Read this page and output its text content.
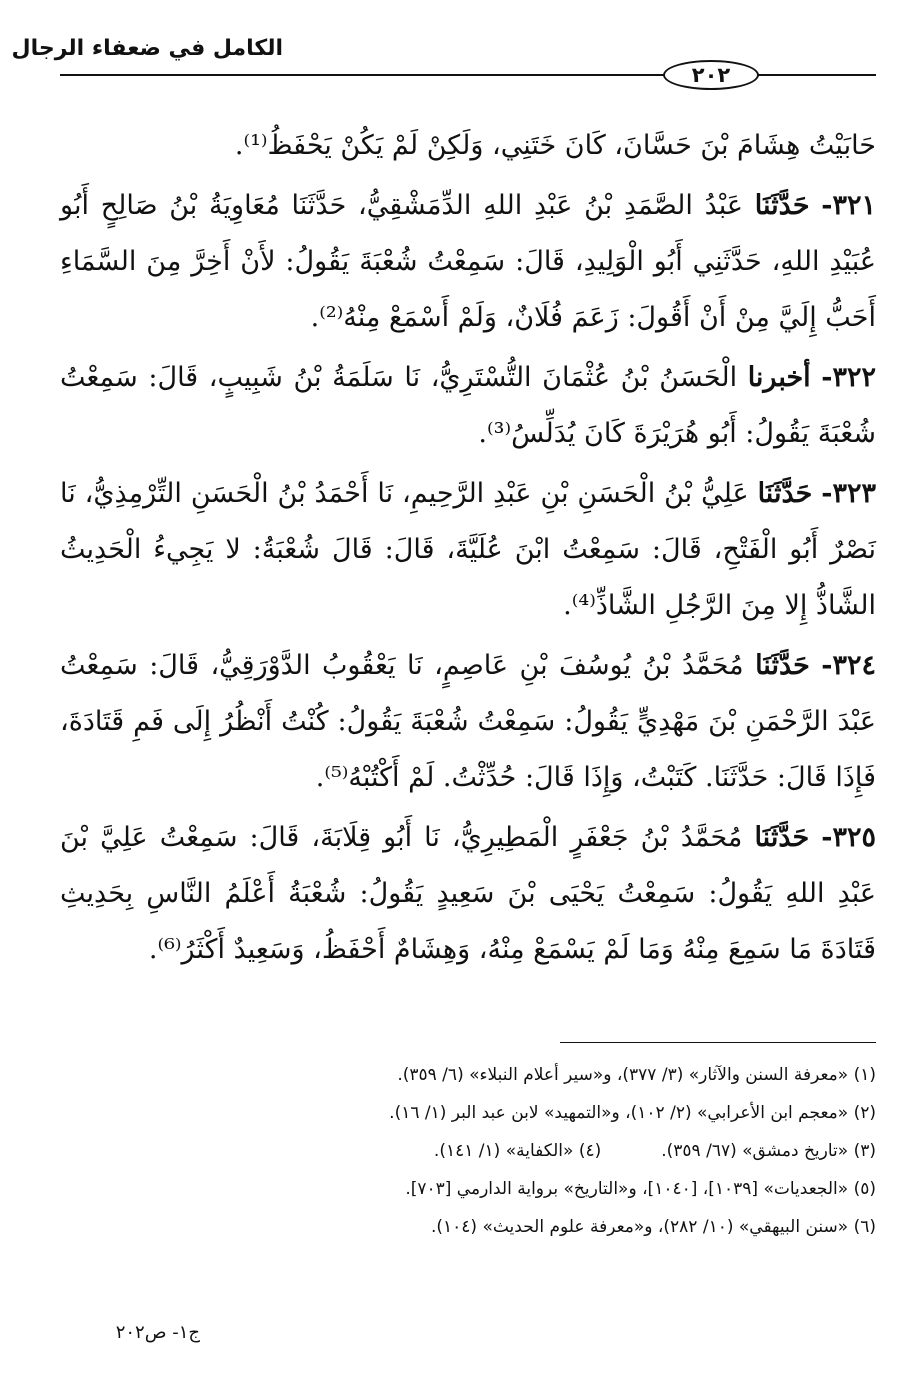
الكامل في ضعفاء الرجال
٢٠٢

حَابَيْتُ هِشَامَ بْنَ حَسَّانَ، كَانَ خَتَنِي، وَلَكِنْ لَمْ يَكُنْ يَحْفَظُ⁽¹⁾.

٣٢١- حَدَّثَنَا عَبْدُ الصَّمَدِ بْنُ عَبْدِ اللهِ الدِّمَشْقِيُّ، حَدَّثَنَا مُعَاوِيَةُ بْنُ صَالِحٍ أَبُو عُبَيْدِ اللهِ، حَدَّثَنِي أَبُو الْوَلِيدِ، قَالَ: سَمِعْتُ شُعْبَةَ يَقُولُ: لأَنْ أَخِرَّ مِنَ السَّمَاءِ أَحَبُّ إِلَيَّ مِنْ أَنْ أَقُولَ: زَعَمَ فُلَانٌ، وَلَمْ أَسْمَعْ مِنْهُ⁽²⁾.

٣٢٢- أخبرنا الْحَسَنُ بْنُ عُثْمَانَ التُّسْتَرِيُّ، نَا سَلَمَةُ بْنُ شَبِيبٍ، قَالَ: سَمِعْتُ شُعْبَةَ يَقُولُ: أَبُو هُرَيْرَةَ كَانَ يُدَلِّسُ⁽³⁾.

٣٢٣- حَدَّثَنَا عَلِيُّ بْنُ الْحَسَنِ بْنِ عَبْدِ الرَّحِيمِ، نَا أَحْمَدُ بْنُ الْحَسَنِ التِّرْمِذِيُّ، نَا نَصْرٌ أَبُو الْفَتْحِ، قَالَ: سَمِعْتُ ابْنَ عُلَيَّةَ، قَالَ: قَالَ شُعْبَةُ: لا يَجِيءُ الْحَدِيثُ الشَّاذُّ إِلا مِنَ الرَّجُلِ الشَّاذِّ⁽⁴⁾.

٣٢٤- حَدَّثَنَا مُحَمَّدُ بْنُ يُوسُفَ بْنِ عَاصِمٍ، نَا يَعْقُوبُ الدَّوْرَقِيُّ، قَالَ: سَمِعْتُ عَبْدَ الرَّحْمَنِ بْنَ مَهْدِيٍّ يَقُولُ: سَمِعْتُ شُعْبَةَ يَقُولُ: كُنْتُ أَنْظُرُ إِلَى فَمِ قَتَادَةَ، فَإِذَا قَالَ: حَدَّثَنَا. كَتَبْتُ، وَإِذَا قَالَ: حُدِّثْتُ. لَمْ أَكْتُبْهُ⁽⁵⁾.

٣٢٥- حَدَّثَنَا مُحَمَّدُ بْنُ جَعْفَرٍ الْمَطِيرِيُّ، نَا أَبُو قِلَابَةَ، قَالَ: سَمِعْتُ عَلِيَّ بْنَ عَبْدِ اللهِ يَقُولُ: سَمِعْتُ يَحْيَى بْنَ سَعِيدٍ يَقُولُ: شُعْبَةُ أَعْلَمُ النَّاسِ بِحَدِيثِ قَتَادَةَ مَا سَمِعَ مِنْهُ وَمَا لَمْ يَسْمَعْ مِنْهُ، وَهِشَامٌ أَحْفَظُ، وَسَعِيدٌ أَكْثَرُ⁽⁶⁾.

(١) «معرفة السنن والآثار» (٣/ ٣٧٧)، و«سير أعلام النبلاء» (٦/ ٣٥٩).

(٢) «معجم ابن الأعرابي» (٢/ ١٠٢)، و«التمهيد» لابن عبد البر (١/ ١٦).

(٣) «تاريخ دمشق» (٦٧/ ٣٥٩).
(٤) «الكفاية» (١/ ١٤١).

(٥) «الجعديات» [١٠٣٩]، [١٠٤٠]، و«التاريخ» برواية الدارمي [٧٠٣].

(٦) «سنن البيهقي» (١٠/ ٢٨٢)، و«معرفة علوم الحديث» (١٠٤).

ج١- ص٢٠٢
